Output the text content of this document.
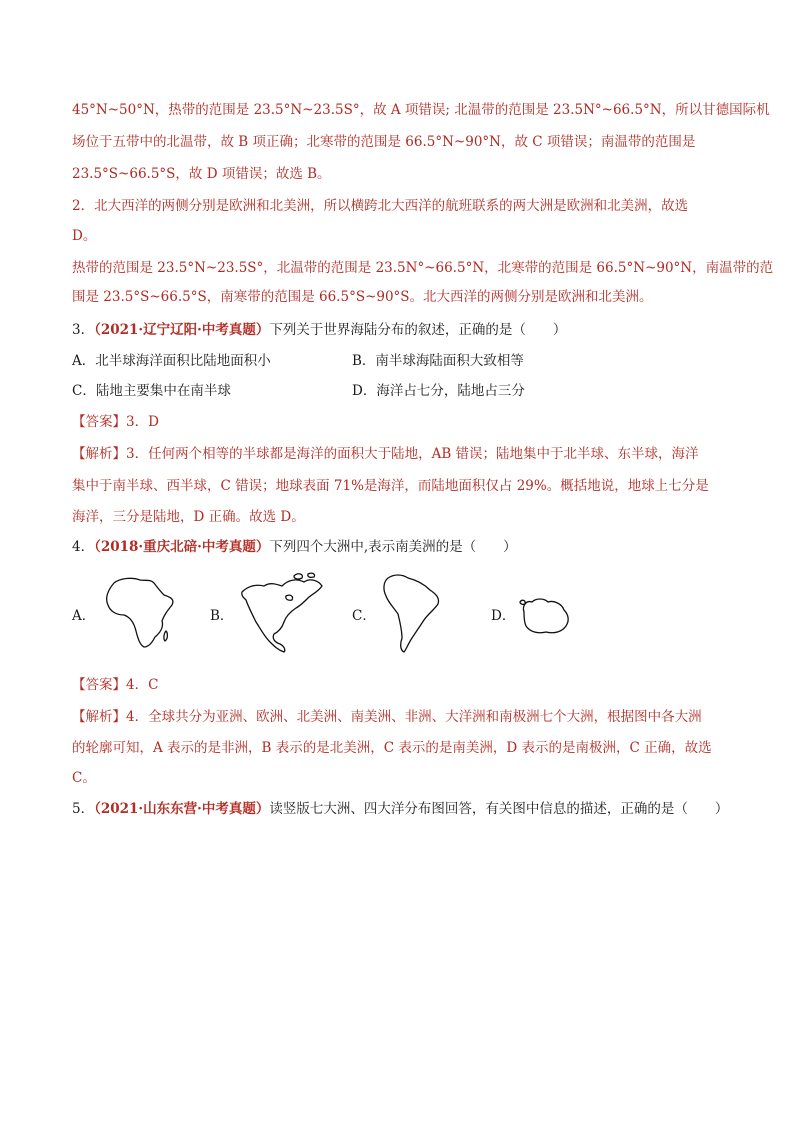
45°N~50°N，热带的范围是 23.5°N~23.5S°，故 A 项错误; 北温带的范围是 23.5N°~66.5°N，所以甘德国际机
场位于五带中的北温带，故 B 项正确；北寒带的范围是 66.5°N~90°N，故 C 项错误；南温带的范围是
23.5°S~66.5°S，故 D 项错误；故选 B。
2．北大西洋的两侧分别是欧洲和北美洲，所以横跨北大西洋的航班联系的两大洲是欧洲和北美洲，故选
D。
热带的范围是 23.5°N~23.5S°，北温带的范围是 23.5N°~66.5°N，北寒带的范围是 66.5°N~90°N，南温带的范
围是 23.5°S~66.5°S，南寒带的范围是 66.5°S~90°S。北大西洋的两侧分别是欧洲和北美洲。
3．（2021·辽宁辽阳·中考真题）下列关于世界海陆分布的叙述，正确的是（　　）
A．北半球海洋面积比陆地面积小	B．南半球海陆面积大致相等
C．陆地主要集中在南半球	D．海洋占七分，陆地占三分
【答案】3．D
【解析】3．任何两个相等的半球都是海洋的面积大于陆地，AB 错误；陆地集中于北半球、东半球，海洋
集中于南半球、西半球，C 错误；地球表面 71%是海洋，而陆地面积仅占 29%。概括地说，地球上七分是
海洋，三分是陆地，D 正确。故选 D。
4．（2018·重庆北碚·中考真题）下列四个大洲中,表示南美洲的是（　　）
A．	B．	C．	D．
【答案】4．C
【解析】4．全球共分为亚洲、欧洲、北美洲、南美洲、非洲、大洋洲和南极洲七个大洲，根据图中各大洲
的轮廓可知，A 表示的是非洲，B 表示的是北美洲，C 表示的是南美洲，D 表示的是南极洲，C 正确，故选
C。
5．（2021·山东东营·中考真题）读竖版七大洲、四大洋分布图回答，有关图中信息的描述，正确的是（　　）
